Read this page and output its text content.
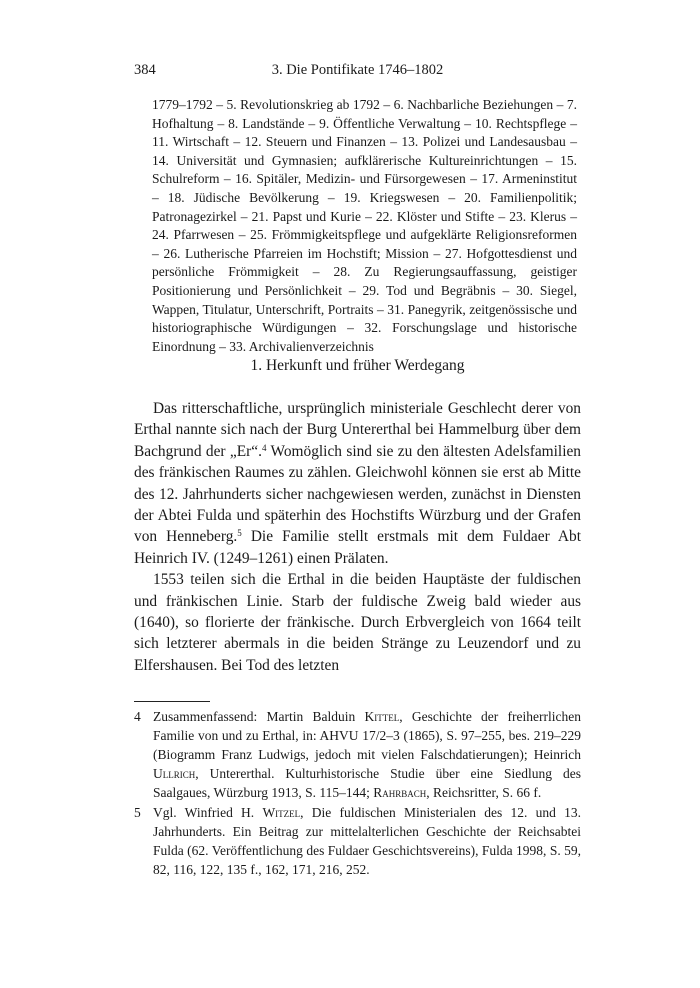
384	3. Die Pontifikate 1746–1802

1779–1792 – 5. Revolutionskrieg ab 1792 – 6. Nachbarliche Beziehungen – 7. Hofhaltung – 8. Landstände – 9. Öffentliche Verwaltung – 10. Rechtspflege – 11. Wirtschaft – 12. Steuern und Finanzen – 13. Polizei und Landesausbau – 14. Universität und Gymnasien; aufklärerische Kultureinrichtungen – 15. Schulreform – 16. Spitäler, Medizin- und Fürsorgewesen – 17. Armeninstitut – 18. Jüdische Bevölkerung – 19. Kriegswesen – 20. Familienpolitik; Patronagezirkel – 21. Papst und Kurie – 22. Klöster und Stifte – 23. Klerus – 24. Pfarrwesen – 25. Frömmigkeitspflege und aufgeklärte Religionsreformen – 26. Lutherische Pfarreien im Hochstift; Mission – 27. Hofgottesdienst und persönliche Frömmigkeit – 28. Zu Regierungsauffassung, geistiger Positionierung und Persönlichkeit – 29. Tod und Begräbnis – 30. Siegel, Wappen, Titulatur, Unterschrift, Portraits – 31. Panegyrik, zeitgenössische und historiographische Würdigungen – 32. Forschungslage und historische Einordnung – 33. Archivalienverzeichnis

1. Herkunft und früher Werdegang

Das ritterschaftliche, ursprünglich ministeriale Geschlecht derer von Erthal nannte sich nach der Burg Untererthal bei Hammelburg über dem Bachgrund der „Er“.$^4$ Womöglich sind sie zu den ältesten Adelsfamilien des fränkischen Raumes zu zählen. Gleichwohl können sie erst ab Mitte des 12. Jahrhunderts sicher nachgewiesen werden, zunächst in Diensten der Abtei Fulda und späterhin des Hochstifts Würzburg und der Grafen von Henneberg.$^5$ Die Familie stellt erstmals mit dem Fuldaer Abt Heinrich IV. (1249–1261) einen Prälaten.

1553 teilen sich die Erthal in die beiden Hauptäste der fuldischen und fränkischen Linie. Starb der fuldische Zweig bald wieder aus (1640), so florierte der fränkische. Durch Erbvergleich von 1664 teilt sich letzterer abermals in die beiden Stränge zu Leuzendorf und zu Elfershausen. Bei Tod des letzten

4 Zusammenfassend: Martin Balduin Kittel, Geschichte der freiherrlichen Familie von und zu Erthal, in: AHVU 17/2–3 (1865), S. 97–255, bes. 219–229 (Biogramm Franz Ludwigs, jedoch mit vielen Falschdatierungen); Heinrich Ullrich, Untererthal. Kulturhistorische Studie über eine Siedlung des Saalgaues, Würzburg 1913, S. 115–144; Rahrbach, Reichsritter, S. 66 f.

5 Vgl. Winfried H. Witzel, Die fuldischen Ministerialen des 12. und 13. Jahrhunderts. Ein Beitrag zur mittelalterlichen Geschichte der Reichsabtei Fulda (62. Veröffentlichung des Fuldaer Geschichtsvereins), Fulda 1998, S. 59, 82, 116, 122, 135 f., 162, 171, 216, 252.
